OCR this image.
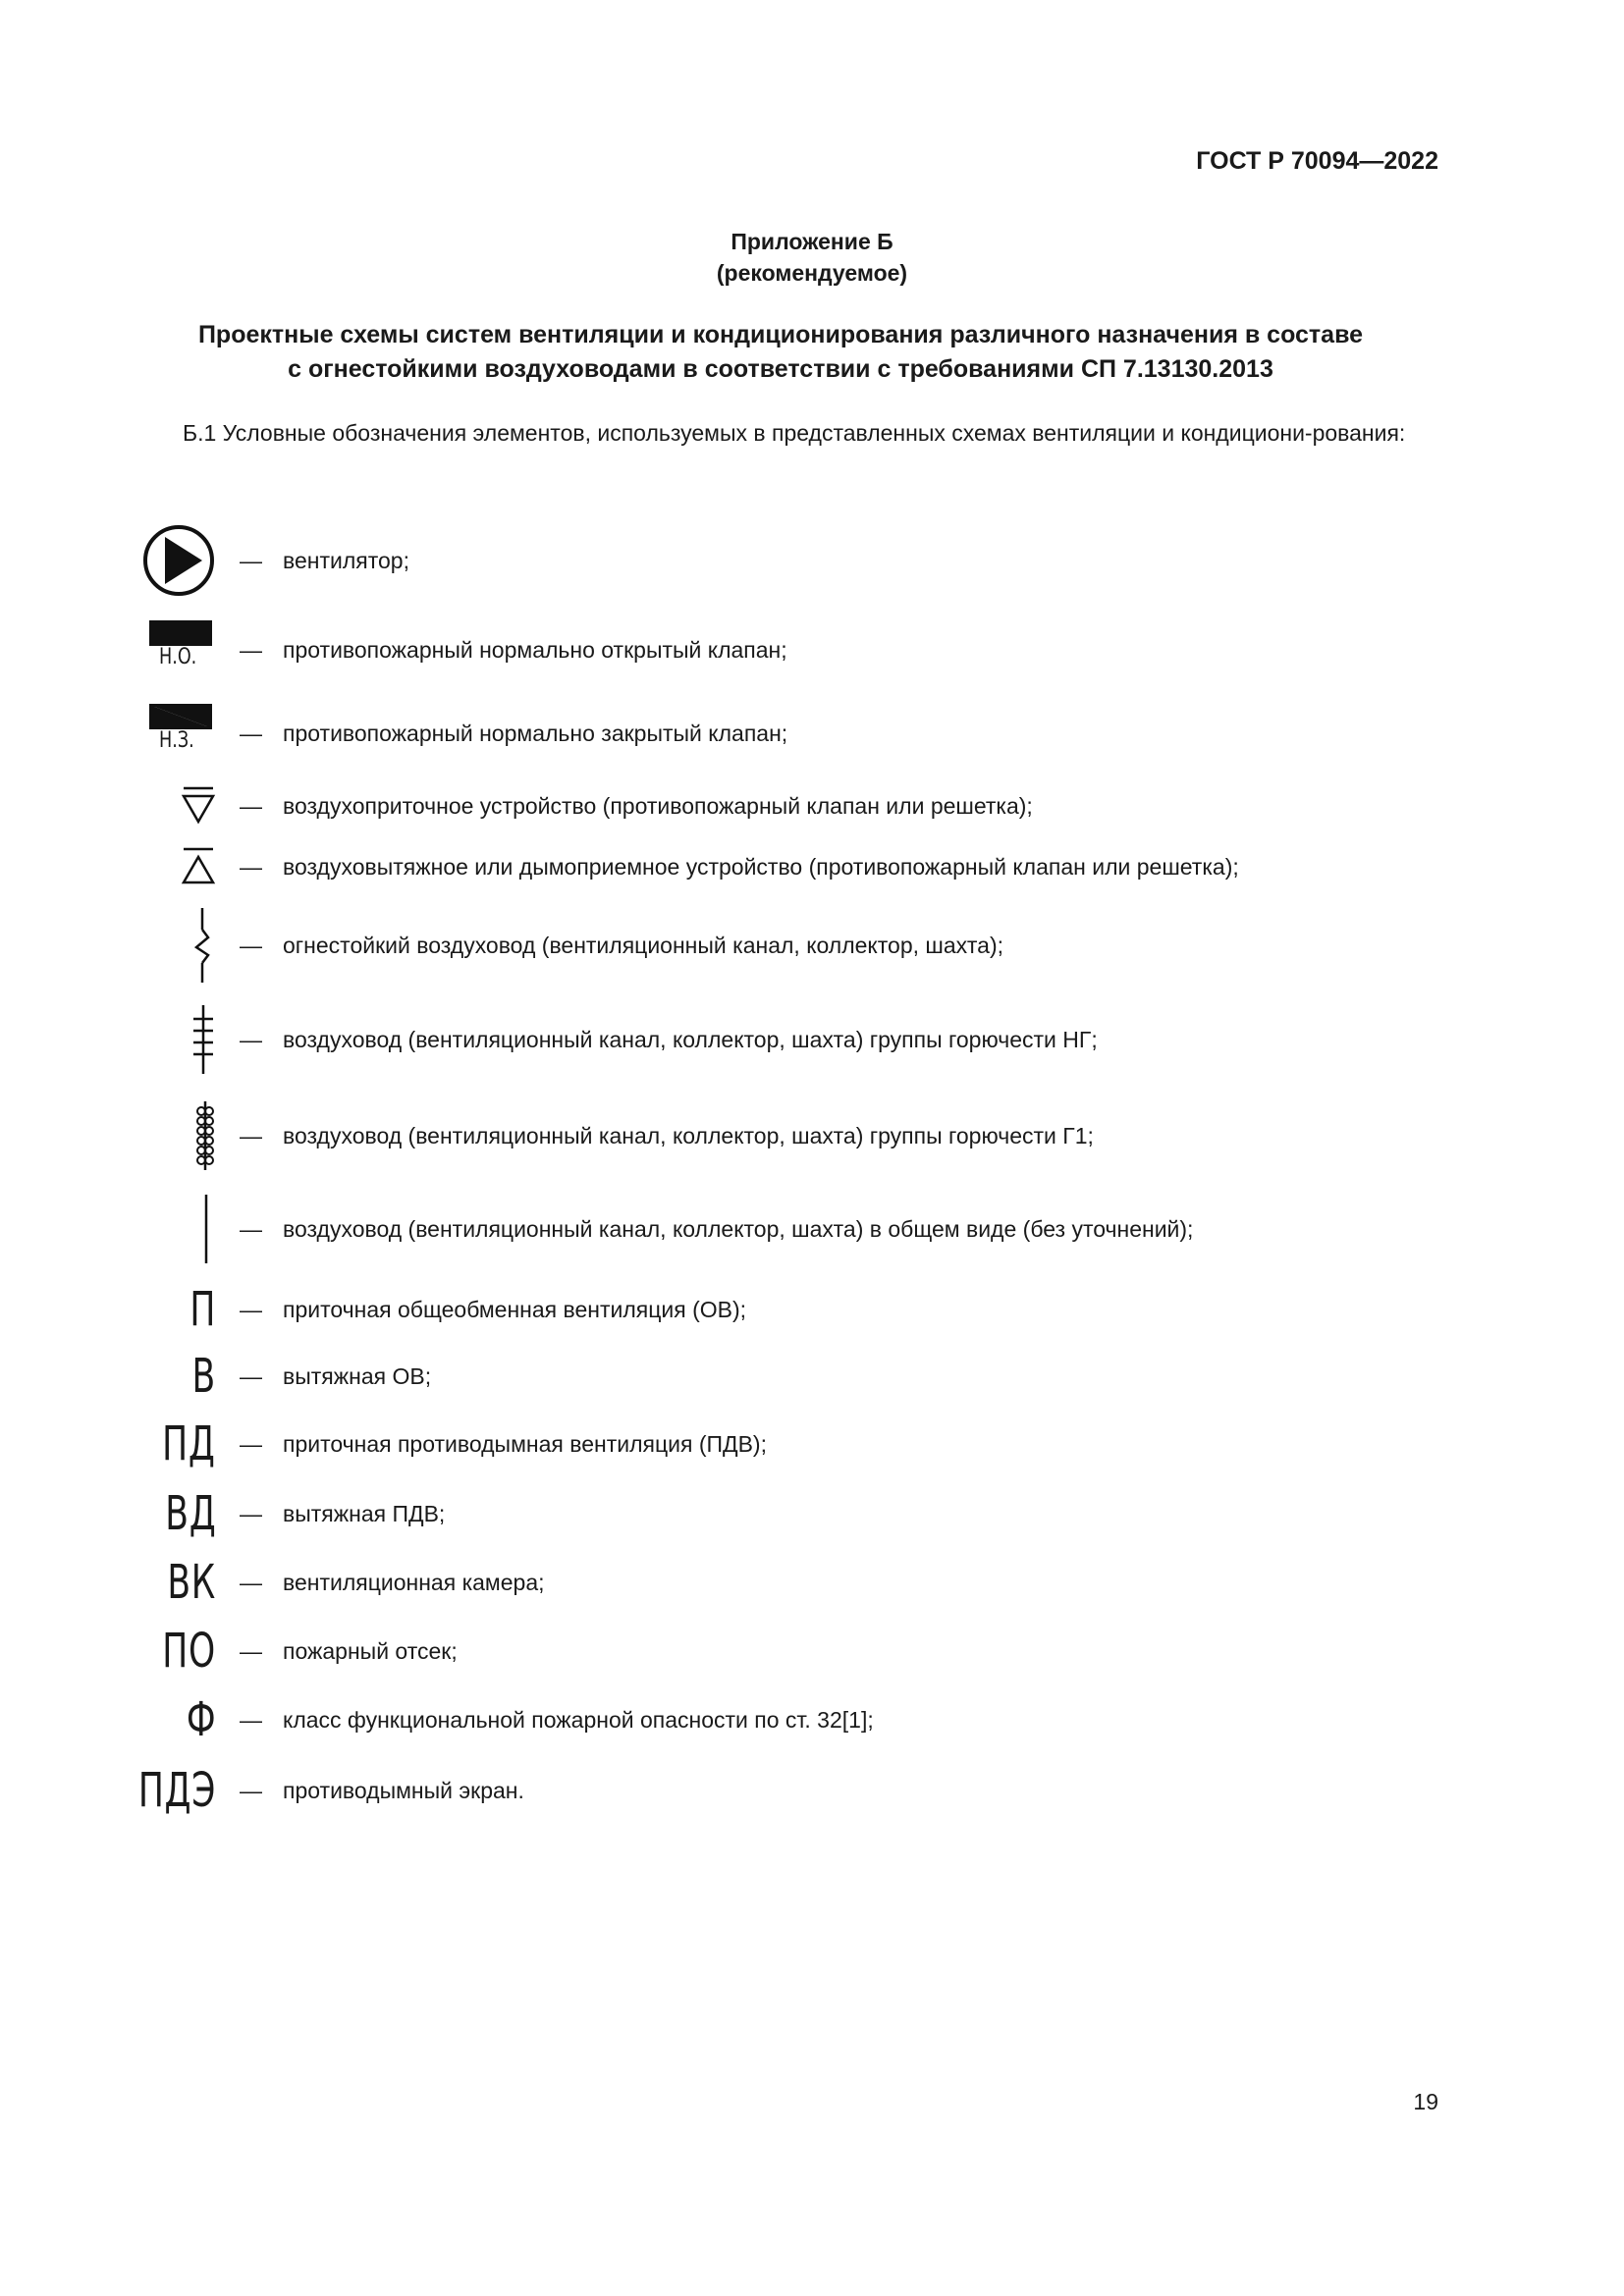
ГОСТ Р 70094—2022
Приложение Б
(рекомендуемое)
Проектные схемы систем вентиляции и кондиционирования различного назначения в составе
с огнестойкими воздуховодами в соответствии с требованиями СП 7.13130.2013
Б.1 Условные обозначения элементов, используемых в представленных схемах вентиляции и кондициони-рования:
— вентилятор;
Н.О. — противопожарный нормально открытый клапан;
Н.З. — противопожарный нормально закрытый клапан;
— воздухоприточное устройство (противопожарный клапан или решетка);
— воздуховытяжное или дымоприемное устройство (противопожарный клапан или решетка);
— огнестойкий воздуховод (вентиляционный канал, коллектор, шахта);
— воздуховод (вентиляционный канал, коллектор, шахта) группы горючести НГ;
— воздуховод (вентиляционный канал, коллектор, шахта) группы горючести Г1;
— воздуховод (вентиляционный канал, коллектор, шахта) в общем виде (без уточнений);
П — приточная общеобменная вентиляция (ОВ);
В — вытяжная ОВ;
ПД — приточная противодымная вентиляция (ПДВ);
ВД — вытяжная ПДВ;
ВК — вентиляционная камера;
ПО — пожарный отсек;
Ф — класс функциональной пожарной опасности по ст. 32[1];
ПДЭ — противодымный экран.
19
